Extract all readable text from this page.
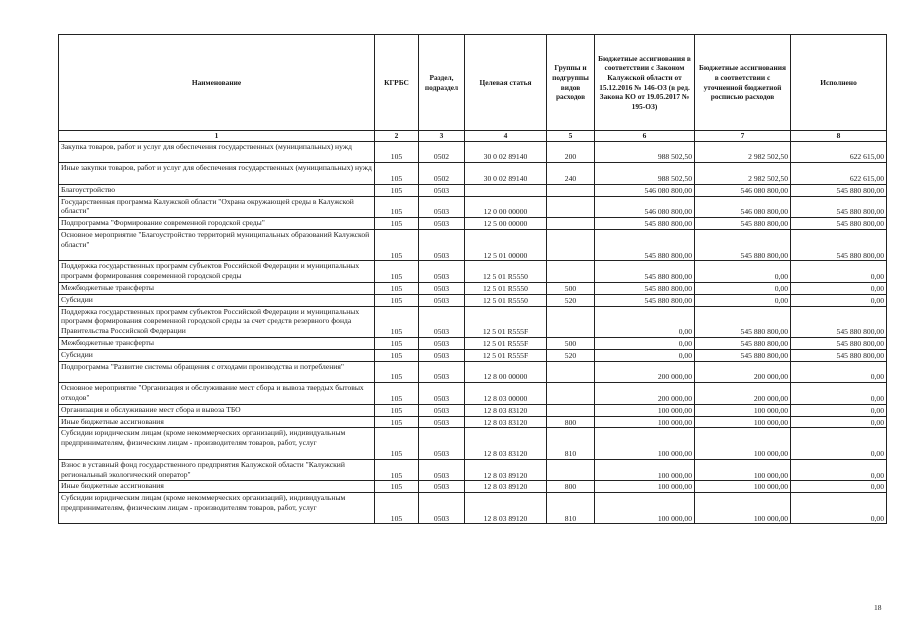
Наименование	КГРБС	Раздел, подраздел	Целевая статья	Группы и подгруппы видов расходов	Бюджетные ассигнования в соответствии с Законом Калужской области от 15.12.2016 № 146-ОЗ (в ред. Закона КО от 19.05.2017 № 195-ОЗ)	Бюджетные ассигнования в соответствии с уточненной бюджетной росписью расходов	Исполнено
1	2	3	4	5	6	7	8
Закупка товаров, работ и услуг для обеспечения государственных (муниципальных) нужд	105	0502	30 0 02 89140	200	988 502,50	2 982 502,50	622 615,00
Иные закупки товаров, работ и услуг для обеспечения государственных (муниципальных) нужд	105	0502	30 0 02 89140	240	988 502,50	2 982 502,50	622 615,00
Благоустройство	105	0503			546 080 800,00	546 080 800,00	545 880 800,00
Государственная программа Калужской области "Охрана окружающей среды в Калужской области"	105	0503	12 0 00 00000		546 080 800,00	546 080 800,00	545 880 800,00
Подпрограмма "Формирование современной городской среды"	105	0503	12 5 00 00000		545 880 800,00	545 880 800,00	545 880 800,00
Основное мероприятие "Благоустройство территорий муниципальных образований Калужской области"	105	0503	12 5 01 00000		545 880 800,00	545 880 800,00	545 880 800,00
Поддержка государственных программ субъектов Российской Федерации и муниципальных программ формирования современной городской среды	105	0503	12 5 01 R5550		545 880 800,00	0,00	0,00
Межбюджетные трансферты	105	0503	12 5 01 R5550	500	545 880 800,00	0,00	0,00
Субсидии	105	0503	12 5 01 R5550	520	545 880 800,00	0,00	0,00
Поддержка государственных программ субъектов Российской Федерации и муниципальных программ формирования современной городской среды за счет средств резервного фонда Правительства Российской Федерации	105	0503	12 5 01 R555F		0,00	545 880 800,00	545 880 800,00
Межбюджетные трансферты	105	0503	12 5 01 R555F	500	0,00	545 880 800,00	545 880 800,00
Субсидии	105	0503	12 5 01 R555F	520	0,00	545 880 800,00	545 880 800,00
Подпрограмма "Развитие системы обращения с отходами производства и потребления"	105	0503	12 8 00 00000		200 000,00	200 000,00	0,00
Основное мероприятие "Организация и обслуживание мест сбора и вывоза твердых бытовых отходов"	105	0503	12 8 03 00000		200 000,00	200 000,00	0,00
Организация и обслуживание мест сбора и вывоза ТБО	105	0503	12 8 03 83120		100 000,00	100 000,00	0,00
Иные бюджетные ассигнования	105	0503	12 8 03 83120	800	100 000,00	100 000,00	0,00
Субсидии юридическим лицам (кроме некоммерческих организаций), индивидуальным предпринимателям, физическим лицам - производителям товаров, работ, услуг	105	0503	12 8 03 83120	810	100 000,00	100 000,00	0,00
Взнос в уставный фонд государственного предприятия Калужской области "Калужский региональный экологический оператор"	105	0503	12 8 03 89120		100 000,00	100 000,00	0,00
Иные бюджетные ассигнования	105	0503	12 8 03 89120	800	100 000,00	100 000,00	0,00
Субсидии юридическим лицам (кроме некоммерческих организаций), индивидуальным предпринимателям, физическим лицам - производителям товаров, работ, услуг	105	0503	12 8 03 89120	810	100 000,00	100 000,00	0,00
18
